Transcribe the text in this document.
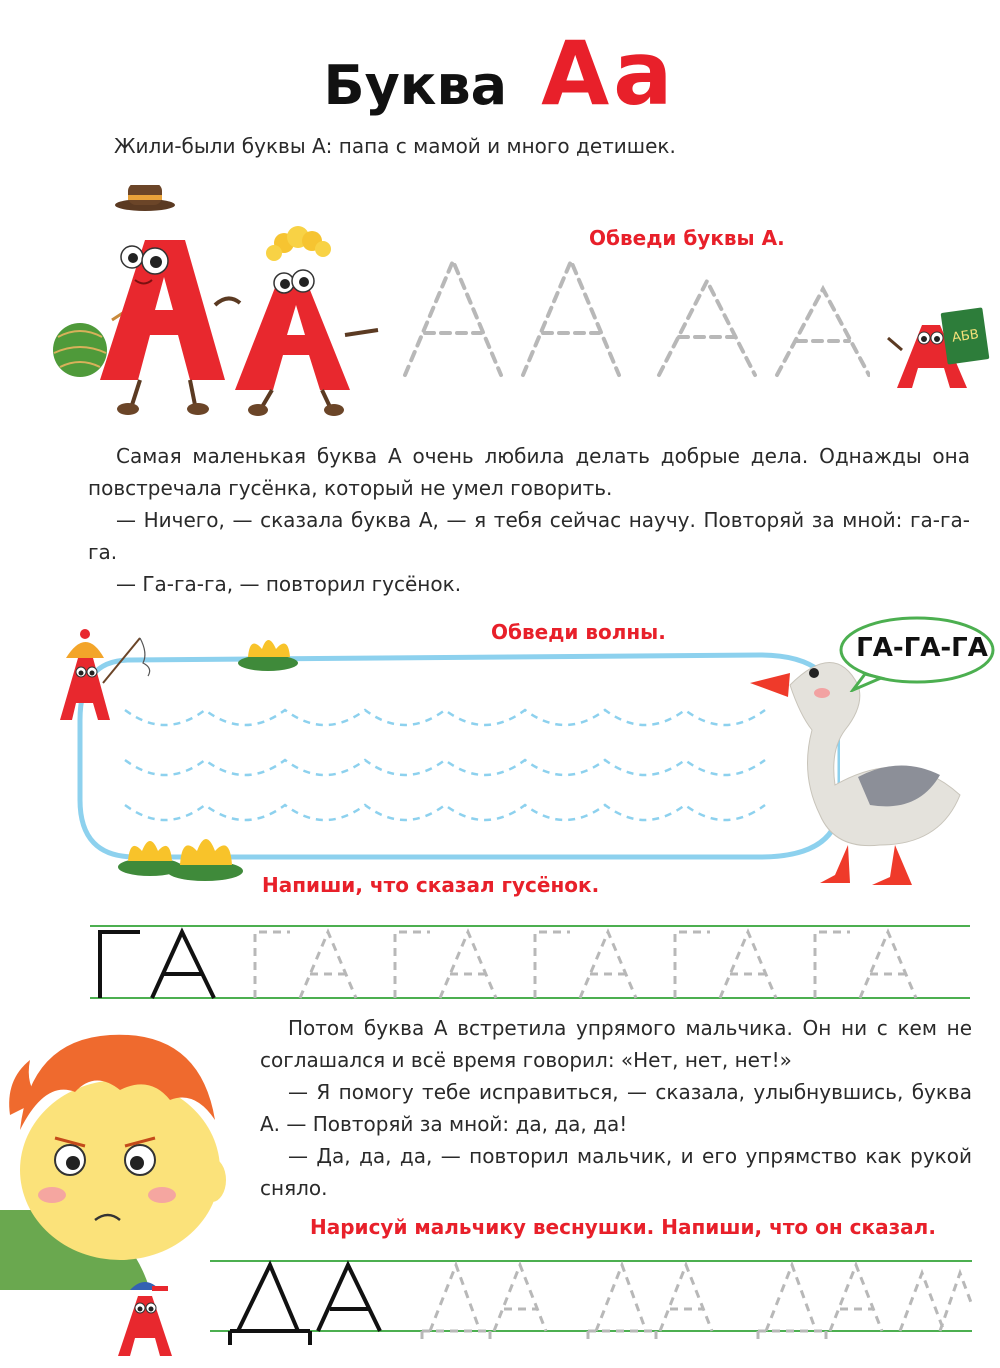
Буква Аа
Жили-были буквы А: папа с мамой и много детишек.
Обведи буквы А.
АБВ

Самая маленькая буква А очень любила делать добрые дела. Однажды она повстречала гусёнка, который не умел говорить.

— Ничего, — сказала буква А, — я тебя сейчас научу. Повторяй за мной: га-га-га.

— Га-га-га, — повторил гусёнок.

Обведи волны.
ГА-ГА-ГА
Напиши, что сказал гусёнок.

Потом буква А встретила упрямого мальчика. Он ни с кем не соглашался и всё время говорил: «Нет, нет, нет!»

— Я помогу тебе исправиться, — сказала, улыбнувшись, буква А. — Повторяй за мной: да, да, да!

— Да, да, да, — повторил мальчик, и его упрямство как рукой сняло.

Нарисуй мальчику веснушки. Напиши, что он сказал.
